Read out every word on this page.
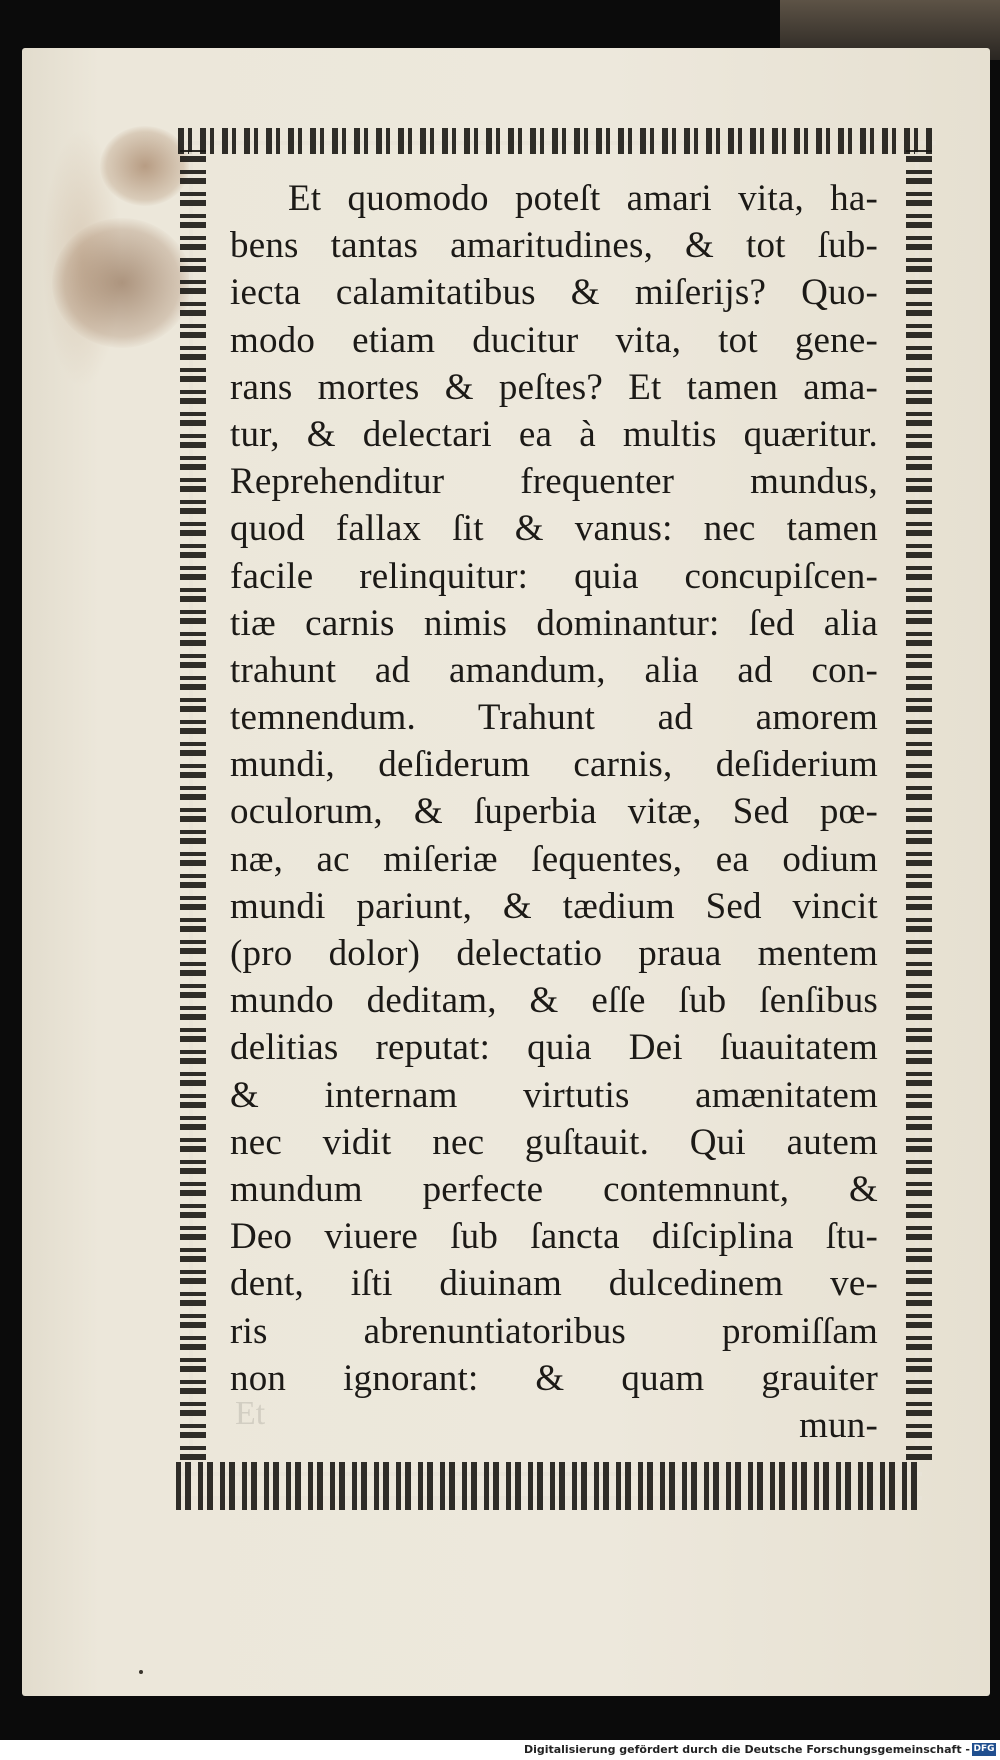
Et
Et quomodo poteſt amari vita, ha-
bens tantas amaritudines, & tot ſub-
iecta calamitatibus & miſerijs? Quo-
modo etiam ducitur vita, tot gene-
rans mortes & peſtes? Et tamen ama-
tur, & delectari ea à multis quæritur.
Reprehenditur frequenter mundus,
quod fallax ſit & vanus: nec tamen
facile relinquitur: quia concupiſcen-
tiæ carnis nimis dominantur: ſed alia
trahunt ad amandum, alia ad con-
temnendum. Trahunt ad amorem
mundi, deſiderum carnis, deſiderium
oculorum, & ſuperbia vitæ, Sed pœ-
næ, ac miſeriæ ſequentes, ea odium
mundi pariunt, & tædium Sed vincit
(pro dolor) delectatio praua mentem
mundo deditam, & eſſe ſub ſenſibus
delitias reputat: quia Dei ſuauitatem
& internam virtutis amænitatem
nec vidit nec guſtauit. Qui autem
mundum perfecte contemnunt, &
Deo viuere ſub ſancta diſciplina ſtu-
dent, iſti diuinam dulcedinem ve-
ris abrenuntiatoribus promiſſam
non ignorant: & quam grauiter
mun-
Digitalisierung gefördert durch die Deutsche Forschungsgemeinschaft - DFG
